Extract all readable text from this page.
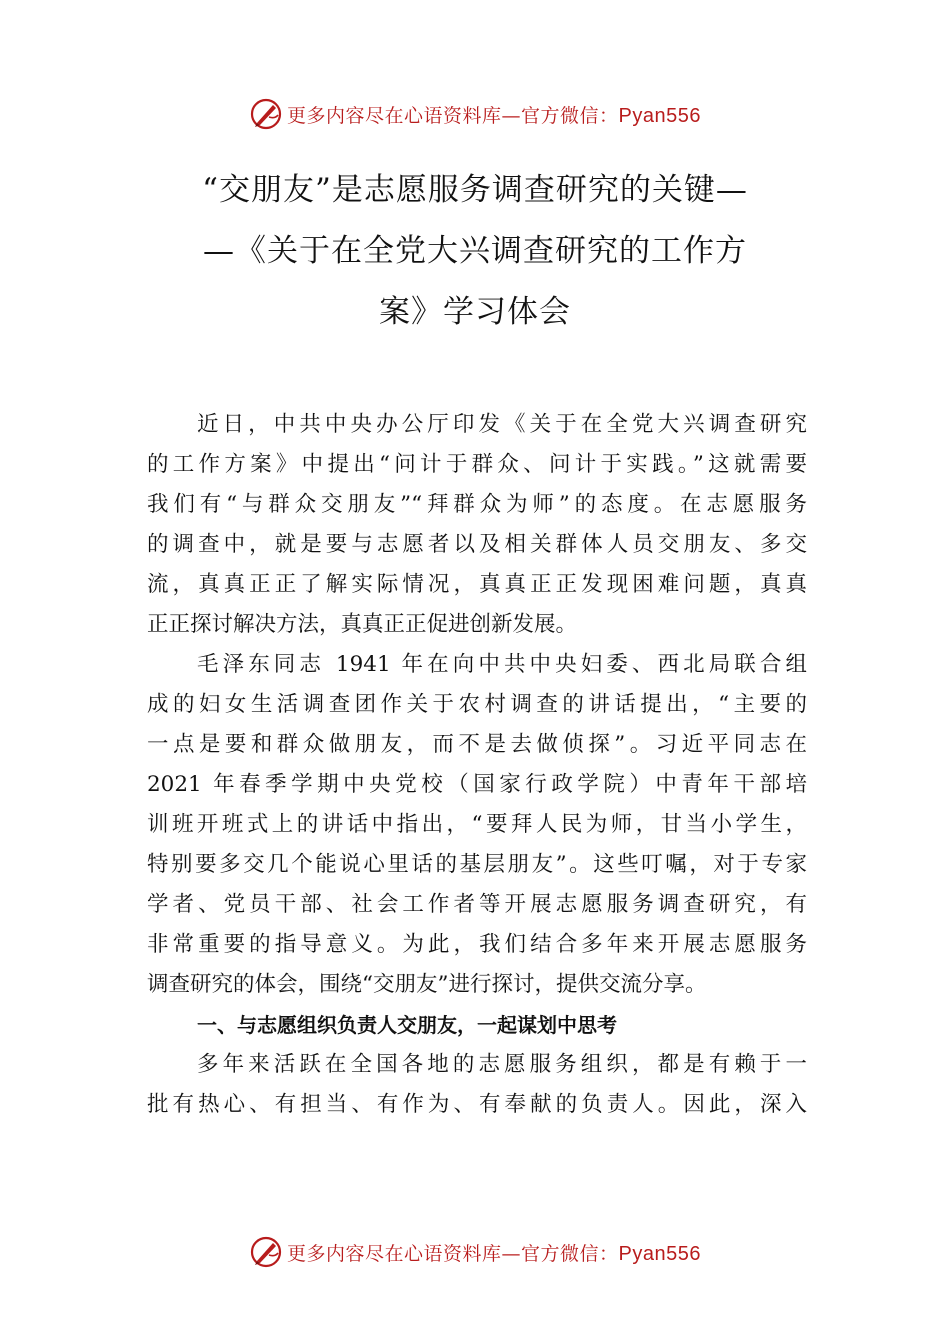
更多内容尽在心语资料库—官方微信：Pyan556
“交朋友”是志愿服务调查研究的关键—
—《关于在全党大兴调查研究的工作方
案》学习体会
近日，中共中央办公厅印发《关于在全党大兴调查研究
的工作方案》中提出“问计于群众、问计于实践。”这就需要
我们有“与群众交朋友”“拜群众为师”的态度。在志愿服务
的调查中，就是要与志愿者以及相关群体人员交朋友、多交
流，真真正正了解实际情况，真真正正发现困难问题，真真
正正探讨解决方法，真真正正促进创新发展。
毛泽东同志 1941 年在向中共中央妇委、西北局联合组
成的妇女生活调查团作关于农村调查的讲话提出，“主要的
一点是要和群众做朋友，而不是去做侦探”。习近平同志在
2021 年春季学期中央党校（国家行政学院）中青年干部培
训班开班式上的讲话中指出，“要拜人民为师，甘当小学生，
特别要多交几个能说心里话的基层朋友”。这些叮嘱，对于专家
学者、党员干部、社会工作者等开展志愿服务调查研究，有
非常重要的指导意义。为此，我们结合多年来开展志愿服务
调查研究的体会，围绕“交朋友”进行探讨，提供交流分享。
一、与志愿组织负责人交朋友，一起谋划中思考
多年来活跃在全国各地的志愿服务组织，都是有赖于一
批有热心、有担当、有作为、有奉献的负责人。因此，深入
更多内容尽在心语资料库—官方微信：Pyan556
